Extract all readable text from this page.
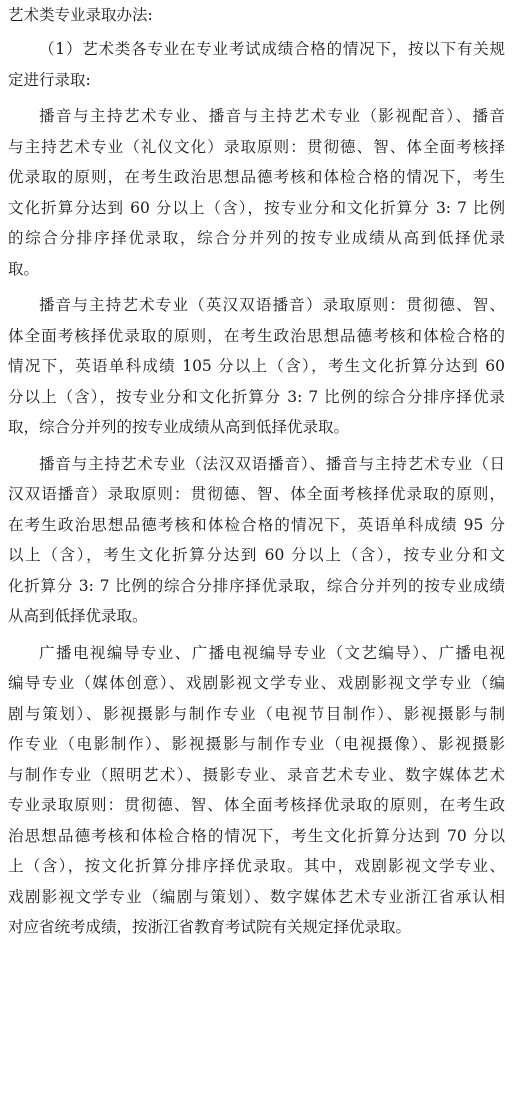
艺术类专业录取办法:
（1）艺术类各专业在专业考试成绩合格的情况下，按以下有关规
定进行录取:
播音与主持艺术专业、播音与主持艺术专业（影视配音）、播音
与主持艺术专业（礼仪文化）录取原则：贯彻德、智、体全面考核择
优录取的原则，在考生政治思想品德考核和体检合格的情况下，考生
文化折算分达到 60 分以上（含），按专业分和文化折算分 3: 7 比例
的综合分排序择优录取，综合分并列的按专业成绩从高到低择优录
取。
播音与主持艺术专业（英汉双语播音）录取原则：贯彻德、智、
体全面考核择优录取的原则，在考生政治思想品德考核和体检合格的
情况下，英语单科成绩 105 分以上（含），考生文化折算分达到 60
分以上（含），按专业分和文化折算分 3: 7 比例的综合分排序择优录
取，综合分并列的按专业成绩从高到低择优录取。
播音与主持艺术专业（法汉双语播音）、播音与主持艺术专业（日
汉双语播音）录取原则：贯彻德、智、体全面考核择优录取的原则，
在考生政治思想品德考核和体检合格的情况下，英语单科成绩 95 分
以上（含），考生文化折算分达到 60 分以上（含），按专业分和文
化折算分 3: 7 比例的综合分排序择优录取，综合分并列的按专业成绩
从高到低择优录取。
广播电视编导专业、广播电视编导专业（文艺编导）、广播电视
编导专业（媒体创意）、戏剧影视文学专业、戏剧影视文学专业（编
剧与策划）、影视摄影与制作专业（电视节目制作）、影视摄影与制
作专业（电影制作）、影视摄影与制作专业（电视摄像）、影视摄影
与制作专业（照明艺术）、摄影专业、录音艺术专业、数字媒体艺术
专业录取原则：贯彻德、智、体全面考核择优录取的原则，在考生政
治思想品德考核和体检合格的情况下，考生文化折算分达到 70 分以
上（含），按文化折算分排序择优录取。其中，戏剧影视文学专业、
戏剧影视文学专业（编剧与策划）、数字媒体艺术专业浙江省承认相
对应省统考成绩，按浙江省教育考试院有关规定择优录取。
